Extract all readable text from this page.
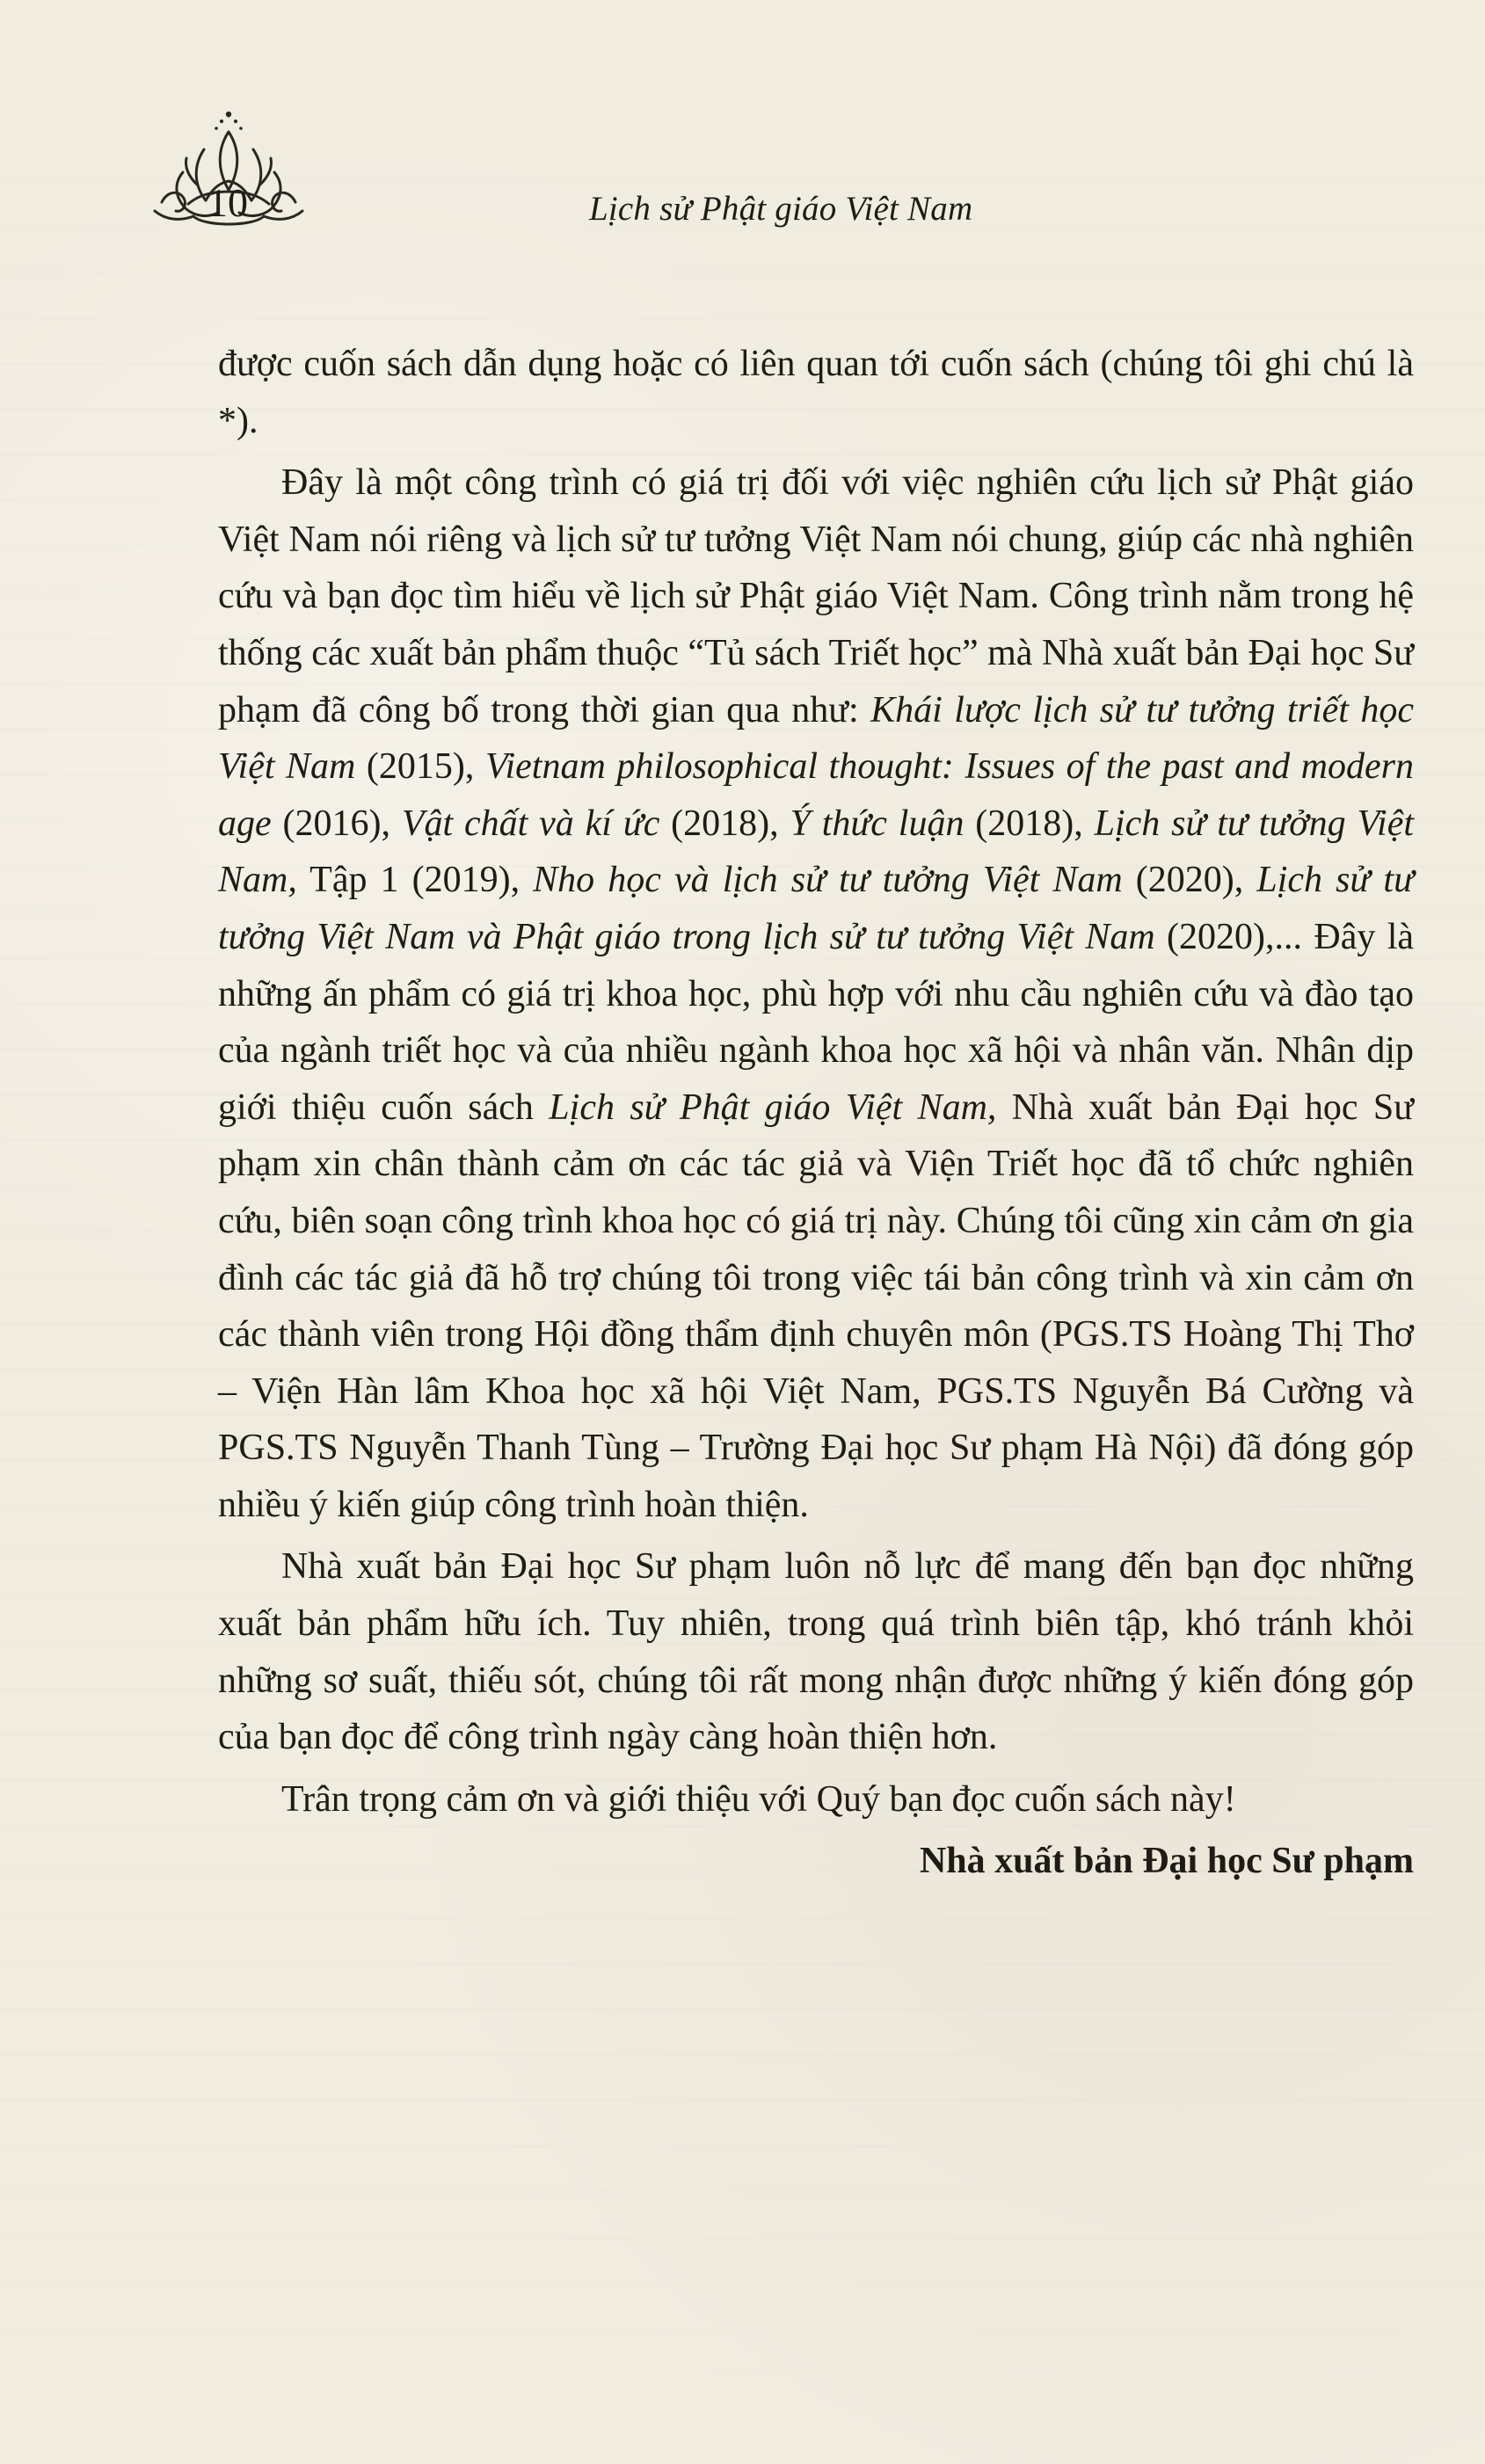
10	Lịch sử Phật giáo Việt Nam

được cuốn sách dẫn dụng hoặc có liên quan tới cuốn sách (chúng tôi ghi chú là *).

Đây là một công trình có giá trị đối với việc nghiên cứu lịch sử Phật giáo Việt Nam nói riêng và lịch sử tư tưởng Việt Nam nói chung, giúp các nhà nghiên cứu và bạn đọc tìm hiểu về lịch sử Phật giáo Việt Nam. Công trình nằm trong hệ thống các xuất bản phẩm thuộc “Tủ sách Triết học” mà Nhà xuất bản Đại học Sư phạm đã công bố trong thời gian qua như: Khái lược lịch sử tư tưởng triết học Việt Nam (2015), Vietnam philosophical thought: Issues of the past and modern age (2016), Vật chất và kí ức (2018), Ý thức luận (2018), Lịch sử tư tưởng Việt Nam, Tập 1 (2019), Nho học và lịch sử tư tưởng Việt Nam (2020), Lịch sử tư tưởng Việt Nam và Phật giáo trong lịch sử tư tưởng Việt Nam (2020),... Đây là những ấn phẩm có giá trị khoa học, phù hợp với nhu cầu nghiên cứu và đào tạo của ngành triết học và của nhiều ngành khoa học xã hội và nhân văn. Nhân dịp giới thiệu cuốn sách Lịch sử Phật giáo Việt Nam, Nhà xuất bản Đại học Sư phạm xin chân thành cảm ơn các tác giả và Viện Triết học đã tổ chức nghiên cứu, biên soạn công trình khoa học có giá trị này. Chúng tôi cũng xin cảm ơn gia đình các tác giả đã hỗ trợ chúng tôi trong việc tái bản công trình và xin cảm ơn các thành viên trong Hội đồng thẩm định chuyên môn (PGS.TS Hoàng Thị Thơ – Viện Hàn lâm Khoa học xã hội Việt Nam, PGS.TS Nguyễn Bá Cường và PGS.TS Nguyễn Thanh Tùng – Trường Đại học Sư phạm Hà Nội) đã đóng góp nhiều ý kiến giúp công trình hoàn thiện.

Nhà xuất bản Đại học Sư phạm luôn nỗ lực để mang đến bạn đọc những xuất bản phẩm hữu ích. Tuy nhiên, trong quá trình biên tập, khó tránh khỏi những sơ suất, thiếu sót, chúng tôi rất mong nhận được những ý kiến đóng góp của bạn đọc để công trình ngày càng hoàn thiện hơn.

Trân trọng cảm ơn và giới thiệu với Quý bạn đọc cuốn sách này!

Nhà xuất bản Đại học Sư phạm
